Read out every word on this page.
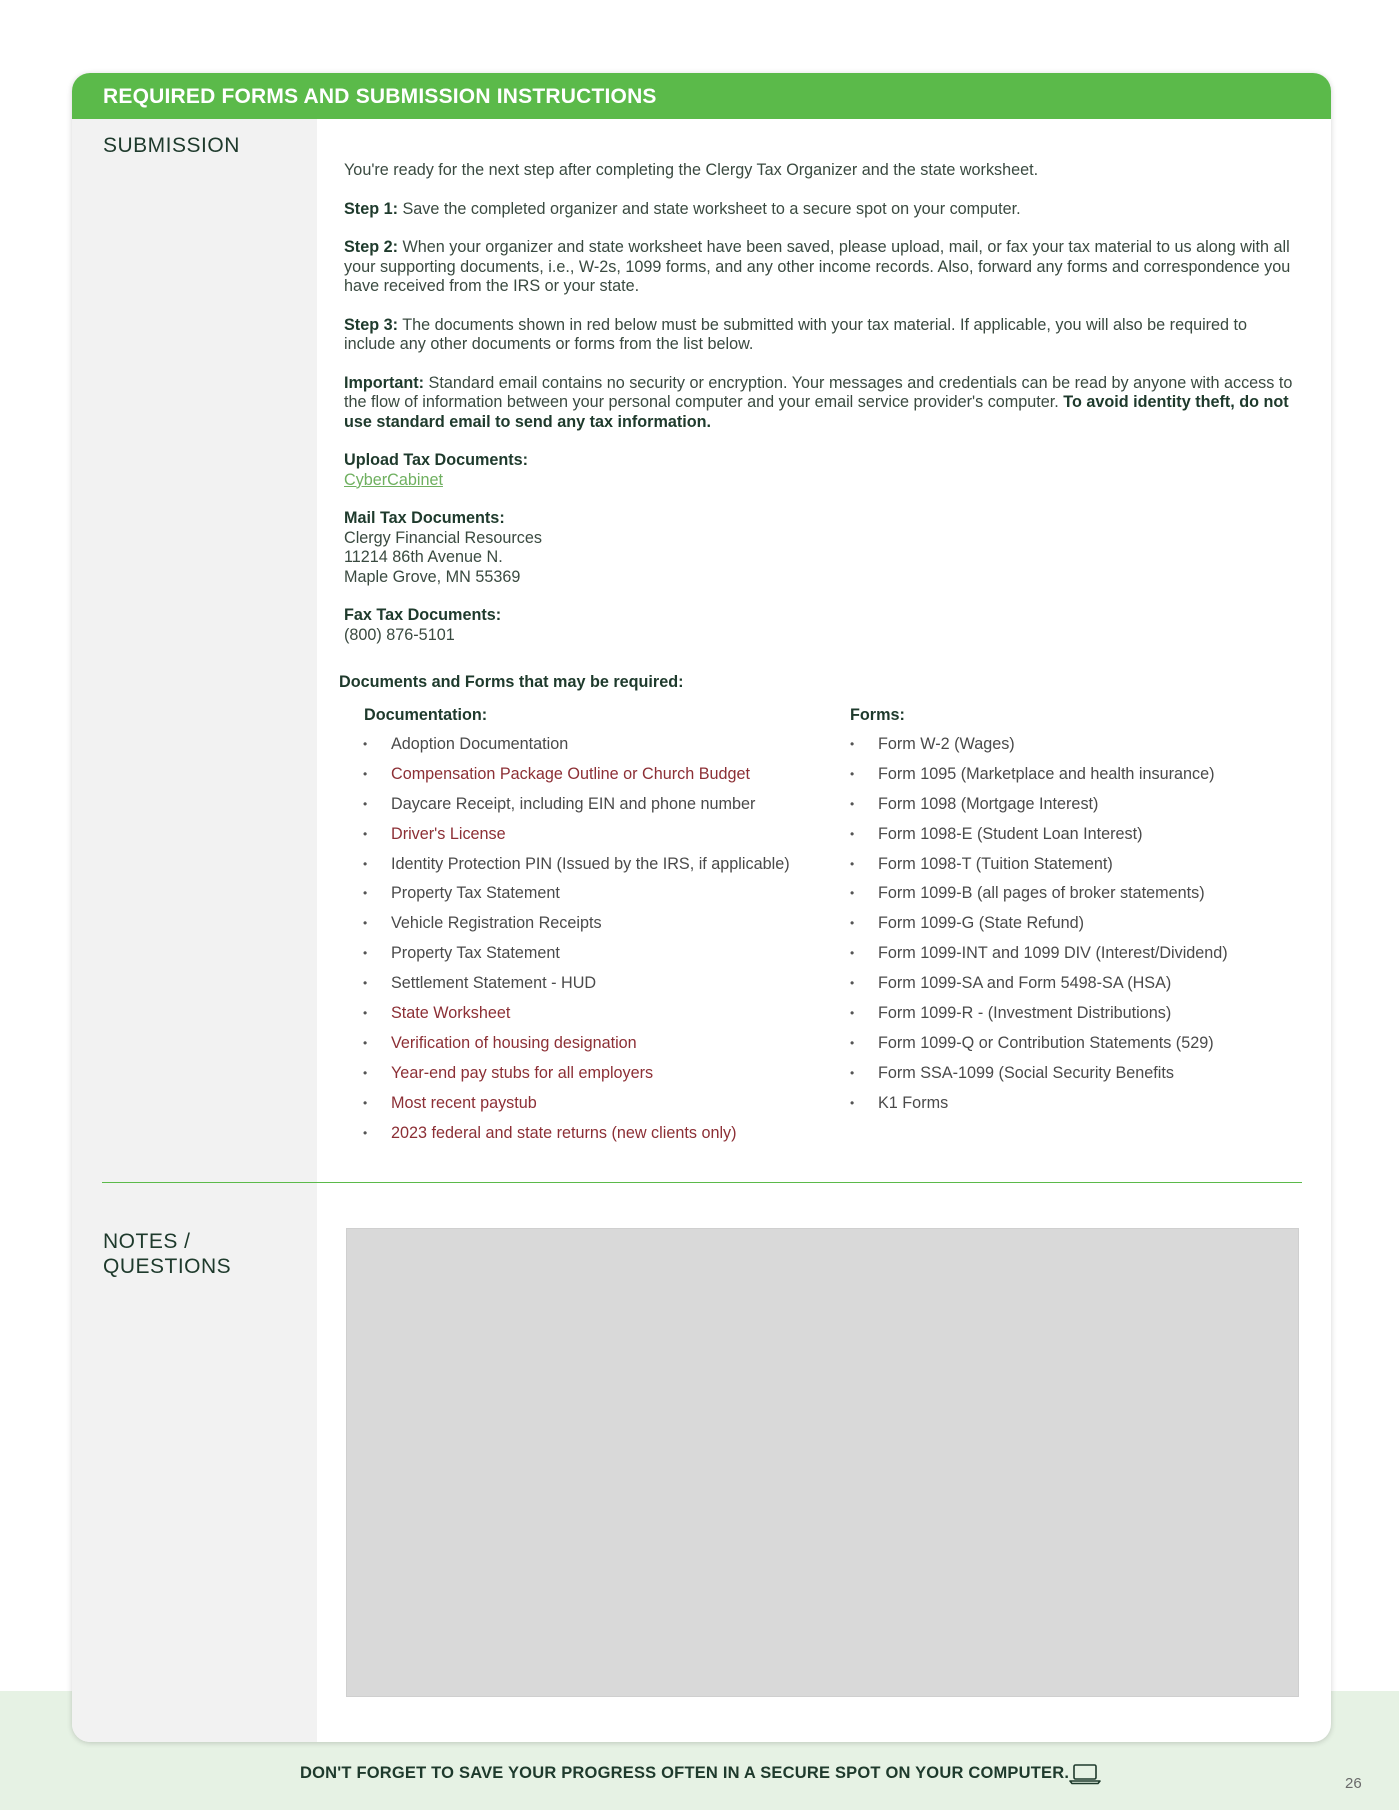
REQUIRED FORMS AND SUBMISSION INSTRUCTIONS
SUBMISSION

You're ready for the next step after completing the Clergy Tax Organizer and the state worksheet.

Step 1: Save the completed organizer and state worksheet to a secure spot on your computer.

Step 2: When your organizer and state worksheet have been saved, please upload, mail, or fax your tax material to us along with all your supporting documents, i.e., W-2s, 1099 forms, and any other income records. Also, forward any forms and correspondence you have received from the IRS or your state.

Step 3: The documents shown in red below must be submitted with your tax material. If applicable, you will also be required to include any other documents or forms from the list below.

Important: Standard email contains no security or encryption. Your messages and credentials can be read by anyone with access to the flow of information between your personal computer and your email service provider's computer. To avoid identity theft, do not use standard email to send any tax information.

Upload Tax Documents:
CyberCabinet

Mail Tax Documents:
Clergy Financial Resources
11214 86th Avenue N.
Maple Grove, MN 55369

Fax Tax Documents:
(800) 876-5101

Documents and Forms that may be required:
Documentation:	Forms:
• Adoption Documentation
• Compensation Package Outline or Church Budget
• Daycare Receipt, including EIN and phone number
• Driver's License
• Identity Protection PIN (Issued by the IRS, if applicable)
• Property Tax Statement
• Vehicle Registration Receipts
• Property Tax Statement
• Settlement Statement - HUD
• State Worksheet
• Verification of housing designation
• Year-end pay stubs for all employers
• Most recent paystub
• 2023 federal and state returns (new clients only)
• Form W-2 (Wages)
• Form 1095 (Marketplace and health insurance)
• Form 1098 (Mortgage Interest)
• Form 1098-E (Student Loan Interest)
• Form 1098-T (Tuition Statement)
• Form 1099-B (all pages of broker statements)
• Form 1099-G (State Refund)
• Form 1099-INT and 1099 DIV (Interest/Dividend)
• Form 1099-SA and Form 5498-SA (HSA)
• Form 1099-R - (Investment Distributions)
• Form 1099-Q or Contribution Statements (529)
• Form SSA-1099 (Social Security Benefits
• K1 Forms
NOTES /
QUESTIONS
DON'T FORGET TO SAVE YOUR PROGRESS OFTEN IN A SECURE SPOT ON YOUR COMPUTER.
26
